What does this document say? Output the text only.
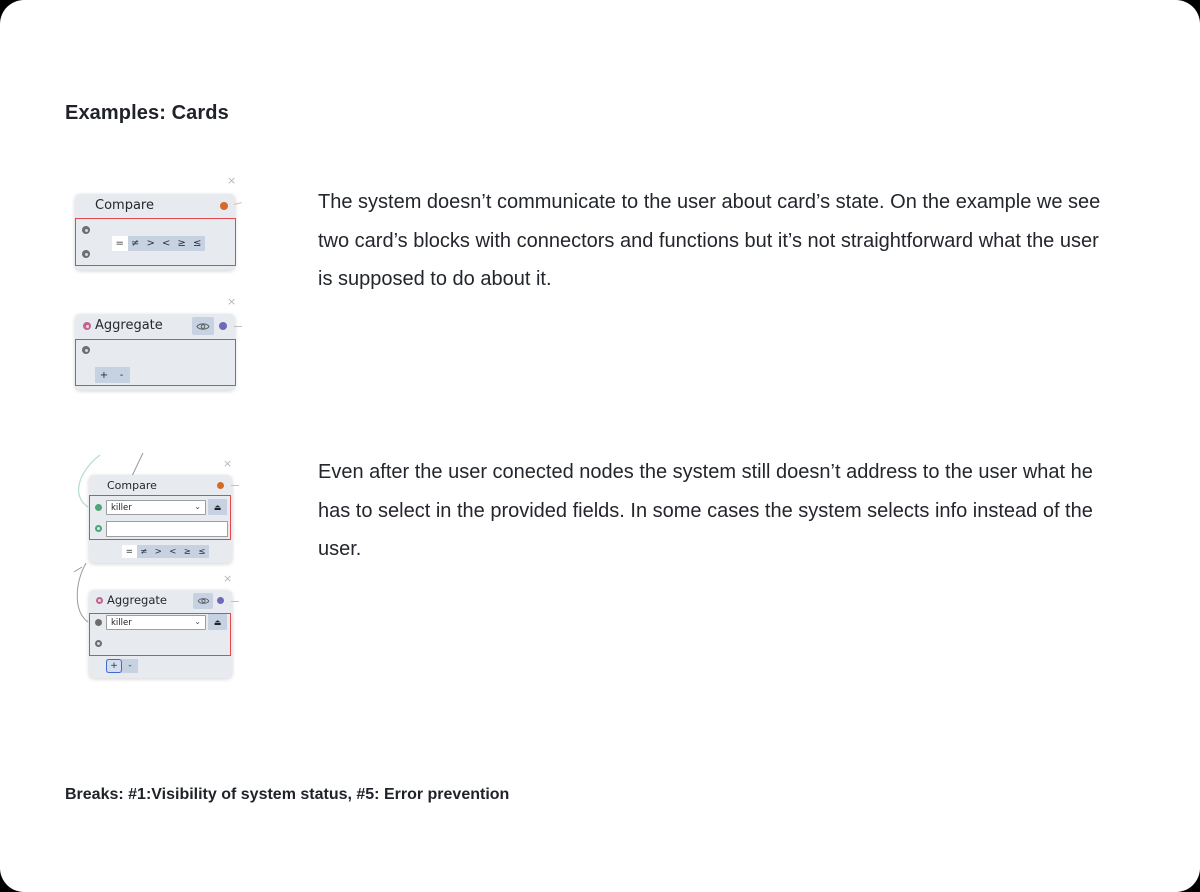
Examples: Cards
×
Compare
= ≠ > < ≥ ≤
×
Aggregate
+	-
The system doesn’t communicate to the user about card’s state. On the example we see two card’s blocks with connectors and functions but it’s not straightforward what the user is supposed to do about it.
×
Compare
killer	⌄ ⏏
= ≠ > < ≥ ≤
×
Aggregate
killer	⌄ ⏏
+	-
Even after the user conected nodes the system still doesn’t address to the user what he has to select in the provided fields. In some cases the system selects info instead of the user.
Breaks: #1:Visibility of system status, #5: Error prevention
